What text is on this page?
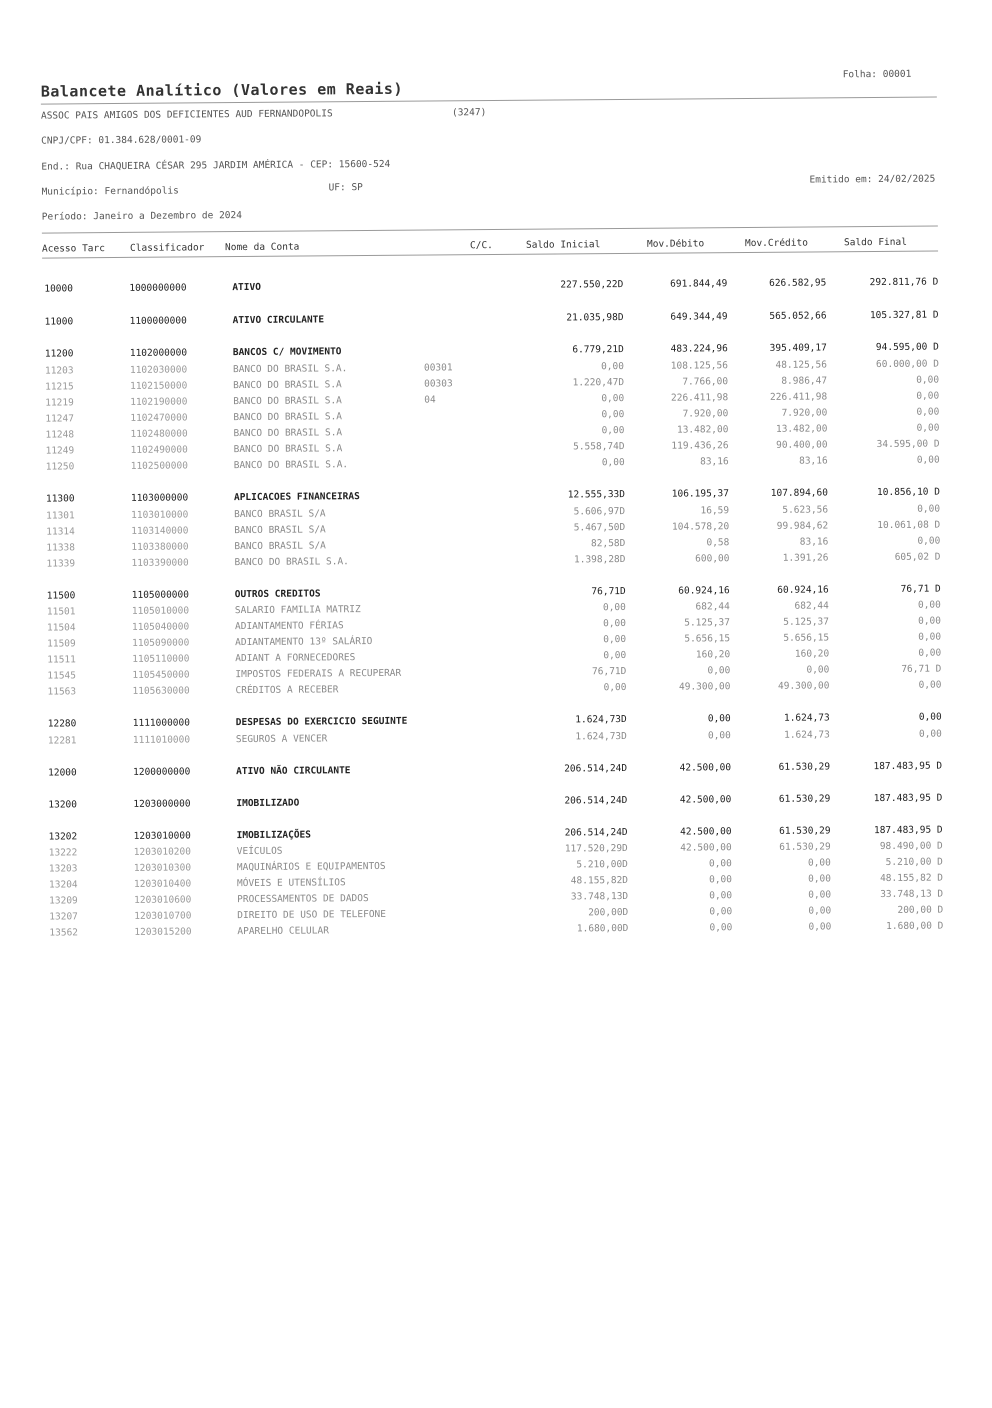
Balancete Analítico (Valores em Reais)
Folha: 00001
ASSOC PAIS AMIGOS DOS DEFICIENTES AUD FERNANDOPOLIS	(3247)
CNPJ/CPF: 01.384.628/0001-09
End.: Rua CHAQUEIRA CÉSAR 295 JARDIM AMÉRICA - CEP: 15600-524
Município: Fernandópolis	UF: SP
Emitido em: 24/02/2025
Período: Janeiro a Dezembro de 2024
Acesso Tarc	Classificador Nome da Conta	C/C.	Saldo Inicial	Mov.Débito	Mov.Crédito	Saldo Final
10000	1000000000	ATIVO	227.550,22D	691.844,49	626.582,95	292.811,76 D
11000	1100000000	ATIVO CIRCULANTE	21.035,98D	649.344,49	565.052,66	105.327,81 D
11200	1102000000	BANCOS C/ MOVIMENTO	6.779,21D	483.224,96	395.409,17	94.595,00 D
11203	1102030000	BANCO DO BRASIL S.A.	00301	0,00	108.125,56	48.125,56	60.000,00 D
11215	1102150000	BANCO DO BRASIL S.A	00303	1.220,47D	7.766,00	8.986,47	0,00
11219	1102190000	BANCO DO BRASIL S.A	04	0,00	226.411,98	226.411,98	0,00
11247	1102470000	BANCO DO BRASIL S.A	0,00	7.920,00	7.920,00	0,00
11248	1102480000	BANCO DO BRASIL S.A	0,00	13.482,00	13.482,00	0,00
11249	1102490000	BANCO DO BRASIL S.A	5.558,74D	119.436,26	90.400,00	34.595,00 D
11250	1102500000	BANCO DO BRASIL S.A.	0,00	83,16	83,16	0,00
11300	1103000000	APLICACOES FINANCEIRAS	12.555,33D	106.195,37	107.894,60	10.856,10 D
11301	1103010000	BANCO BRASIL S/A	5.606,97D	16,59	5.623,56	0,00
11314	1103140000	BANCO BRASIL S/A	5.467,50D	104.578,20	99.984,62	10.061,08 D
11338	1103380000	BANCO BRASIL S/A	82,58D	0,58	83,16	0,00
11339	1103390000	BANCO DO BRASIL S.A.	1.398,28D	600,00	1.391,26	605,02 D
11500	1105000000	OUTROS CREDITOS	76,71D	60.924,16	60.924,16	76,71 D
11501	1105010000	SALARIO FAMILIA MATRIZ	0,00	682,44	682,44	0,00
11504	1105040000	ADIANTAMENTO FÉRIAS	0,00	5.125,37	5.125,37	0,00
11509	1105090000	ADIANTAMENTO 13º SALÁRIO	0,00	5.656,15	5.656,15	0,00
11511	1105110000	ADIANT A FORNECEDORES	0,00	160,20	160,20	0,00
11545	1105450000	IMPOSTOS FEDERAIS A RECUPERAR	76,71D	0,00	0,00	76,71 D
11563	1105630000	CRÉDITOS A RECEBER	0,00	49.300,00	49.300,00	0,00
12280	1111000000	DESPESAS DO EXERCICIO SEGUINTE	1.624,73D	0,00	1.624,73	0,00
12281	1111010000	SEGUROS A VENCER	1.624,73D	0,00	1.624,73	0,00
12000	1200000000	ATIVO NÃO CIRCULANTE	206.514,24D	42.500,00	61.530,29	187.483,95 D
13200	1203000000	IMOBILIZADO	206.514,24D	42.500,00	61.530,29	187.483,95 D
13202	1203010000	IMOBILIZAÇÕES	206.514,24D	42.500,00	61.530,29	187.483,95 D
13222	1203010200	VEÍCULOS	117.520,29D	42.500,00	61.530,29	98.490,00 D
13203	1203010300	MAQUINÁRIOS E EQUIPAMENTOS	5.210,00D	0,00	0,00	5.210,00 D
13204	1203010400	MÓVEIS E UTENSÍLIOS	48.155,82D	0,00	0,00	48.155,82 D
13209	1203010600	PROCESSAMENTOS DE DADOS	33.748,13D	0,00	0,00	33.748,13 D
13207	1203010700	DIREITO DE USO DE TELEFONE	200,00D	0,00	0,00	200,00 D
13562	1203015200	APARELHO CELULAR	1.680,00D	0,00	0,00	1.680,00 D
